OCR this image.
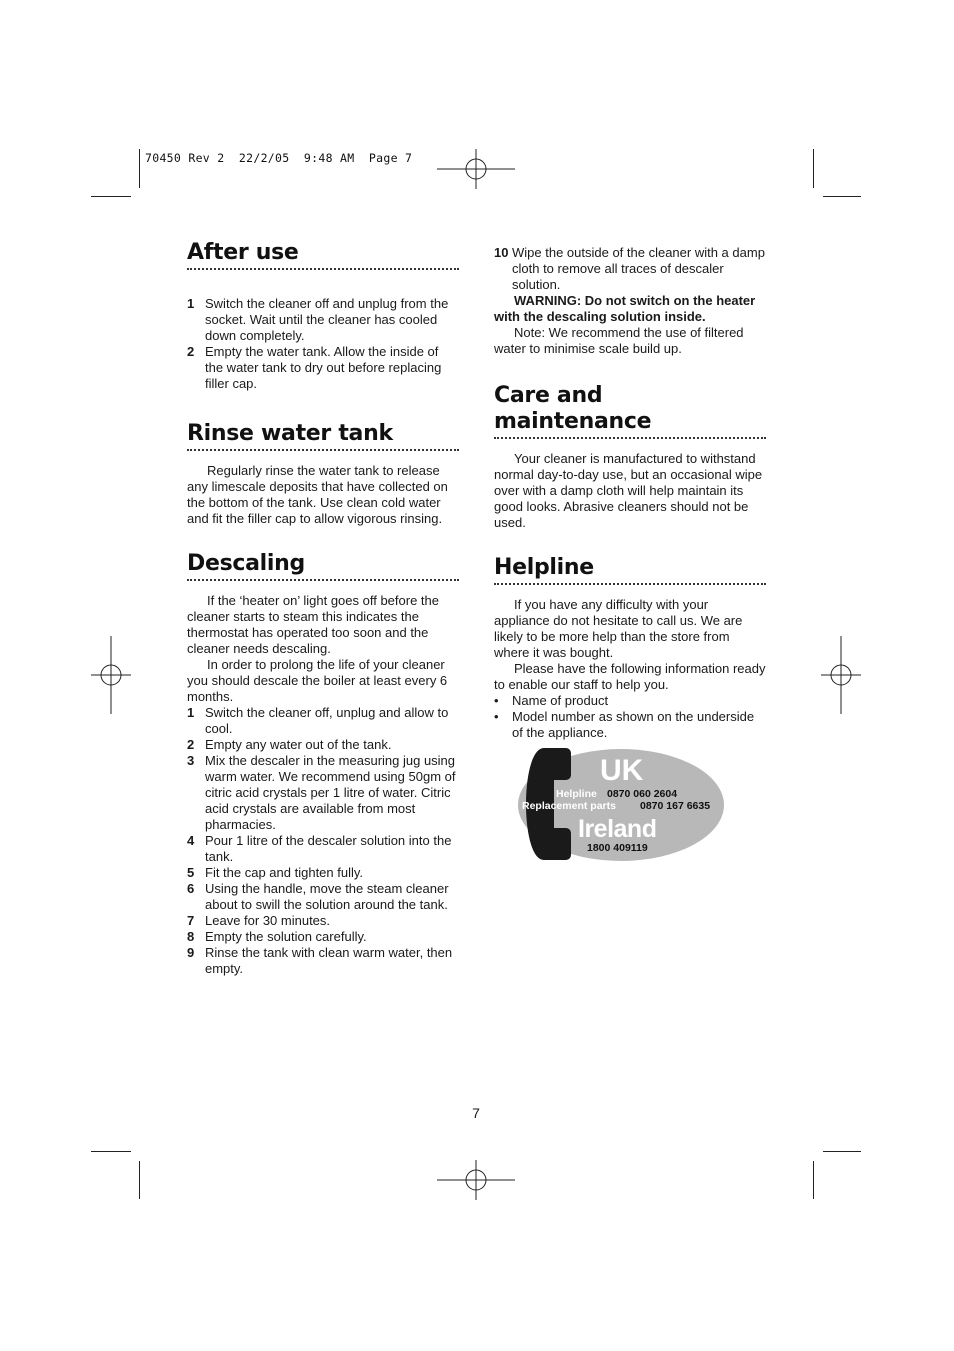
70450 Rev 2  22/2/05  9:48 AM  Page 7
After use
1 Switch the cleaner off and unplug from the socket. Wait until the cleaner has cooled down completely.
2 Empty the water tank. Allow the inside of the water tank to dry out before replacing filler cap.
Rinse water tank

Regularly rinse the water tank to release any limescale deposits that have collected on the bottom of the tank. Use clean cold water and fit the filler cap to allow vigorous rinsing.

Descaling

If the ‘heater on’ light goes off before the cleaner starts to steam this indicates the thermostat has operated too soon and the cleaner needs descaling.

In order to prolong the life of your cleaner you should descale the boiler at least every 6 months.

1 Switch the cleaner off, unplug and allow to cool.
2 Empty any water out of the tank.
3 Mix the descaler in the measuring jug using warm water. We recommend using 50gm of citric acid crystals per 1 litre of water. Citric acid crystals are available from most pharmacies.
4 Pour 1 litre of the descaler solution into the tank.
5 Fit the cap and tighten fully.
6 Using the handle, move the steam cleaner about to swill the solution around the tank.
7 Leave for 30 minutes.
8 Empty the solution carefully.
9 Rinse the tank with clean warm water, then empty.
10 Wipe the outside of the cleaner with a damp cloth to remove all traces of descaler solution.

WARNING: Do not switch on the heater with the descaling solution inside.

Note: We recommend the use of filtered water to minimise scale build up.

Care and maintenance

Your cleaner is manufactured to withstand normal day-to-day use, but an occasional wipe over with a damp cloth will help maintain its good looks. Abrasive cleaners should not be used.

Helpline

If you have any difficulty with your appliance do not hesitate to call us. We are likely to be more help than the store from where it was bought.

Please have the following information ready to enable our staff to help you.

• Name of product
• Model number as shown on the underside of the appliance.
UK
Helpline 0870 060 2604
Replacement parts 0870 167 6635
Ireland
1800 409119
7
